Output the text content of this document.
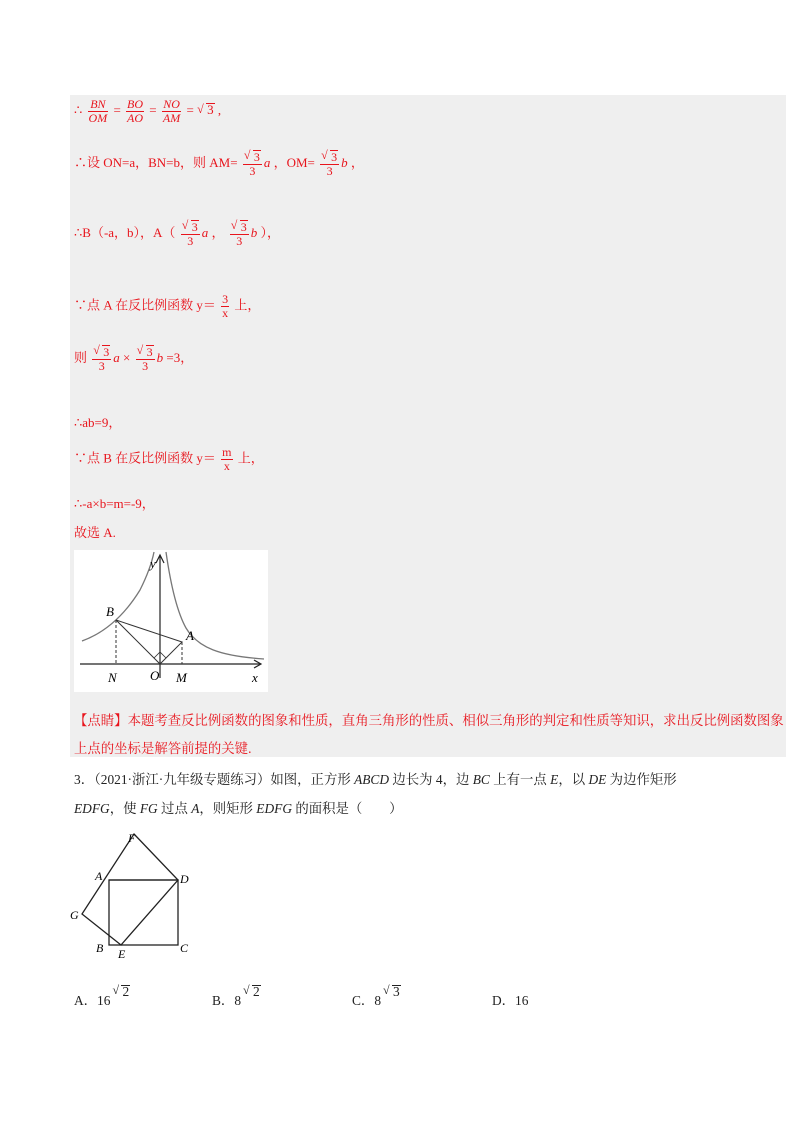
∴ $\frac{BN}{OM} = \frac{BO}{AO} = \frac{NO}{AM}$ = √ 3 ,
∴设 ON=a，BN=b，则 $AM= \frac{√ 3}{3}$ a ，$OM= \frac{√ 3}{3}$ b ，
∴B（-a，b），$A( \frac{√ 3}{3}$ a ， $\frac{√ 3}{3}$ b ），
∵点 A 在反比例函数 $y= \frac{3}{x}$ 上，
则 $\frac{√ 3}{3}$ $a \times \frac{√ 3}{3}$ b =3，
∴ab=9，
∵点 B 在反比例函数 $y= \frac{m}{x}$ 上，
∴-a×b=m=-9，
故选 A.
B
A
y
x
N	O M
【点睛】本题考查反比例函数的图象和性质，直角三角形的性质、相似三角形的判定和性质等知识，求出反比例函数图象上点的坐标是解答前提的关键.
3．（2021·浙江·九年级专题练习）如图，正方形 ABCD 边长为 4，边 BC 上有一点 E，以 DE 为边作矩形
EDFG，使 FG 过点 A，则矩形 EDFG 的面积是（　　）
F
A	D
G
B E	C
A．16
√ 2
B．8
√ 2
C．8
√ 3
D．16
